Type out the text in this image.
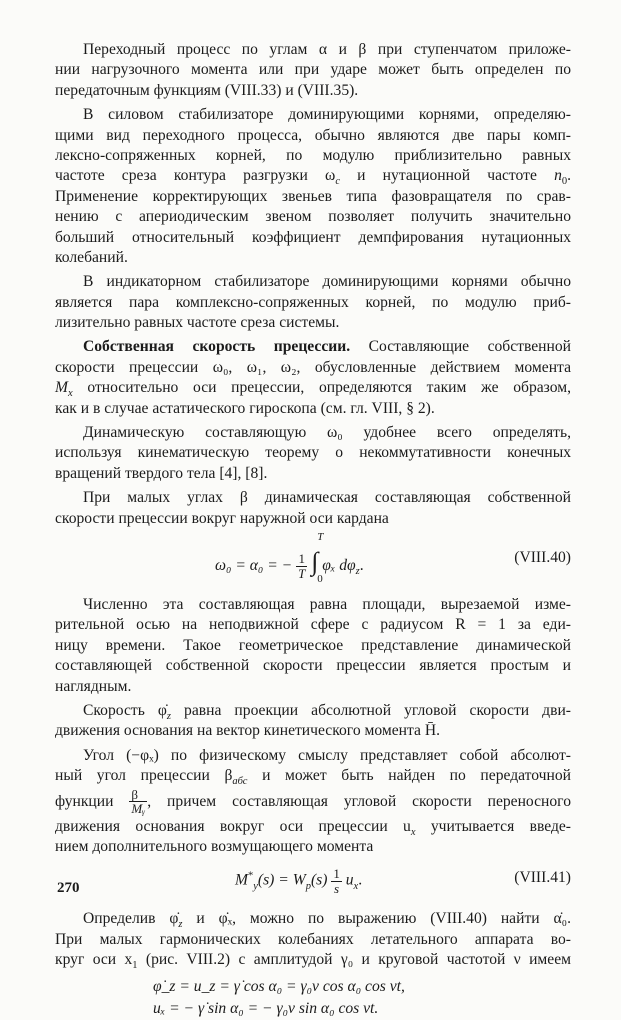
Переходный процесс по углам α и β при ступенчатом приложе-
нии нагрузочного момента или при ударе может быть определен по
передаточным функциям (VIII.33) и (VIII.35).
В силовом стабилизаторе доминирующими корнями, определяю-
щими вид переходного процесса, обычно являются две пары комп-
лексно-сопряженных корней, по модулю приблизительно равных
частоте среза контура разгрузки $\omega_c$ и нутационной частоте $n_0$.
Применение корректирующих звеньев типа фазовращателя по срав-
нению с апериодическим звеном позволяет получить значительно
больший относительный коэффициент демпфирования нутационных
колебаний.
В индикаторном стабилизаторе доминирующими корнями обычно
является пара комплексно-сопряженных корней, по модулю приб-
лизительно равных частоте среза системы.
Собственная скорость прецессии. Составляющие собственной
скорости прецессии ω₀, ω₁, ω₂, обусловленные действием момента
$M_x$ относительно оси прецессии, определяются таким же образом,
как и в случае астатического гироскопа (см. гл. VIII, § 2).
Динамическую составляющую ω₀ удобнее всего определять,
используя кинематическую теорему о некоммутативности конечных
вращений твердого тела [4], [8].
При малых углах β динамическая составляющая собственной
скорости прецессии вокруг наружной оси кардана
ω₀ = α₀ = − $\frac{1}{T}$ ∫
T
0
φₓ $d\varphi_z$.	(VIII.40)
Численно эта составляющая равна площади, вырезаемой изме-
рительной осью на неподвижной сфере с радиусом R = 1 за еди-
ницу времени. Такое геометрическое представление динамической
составляющей собственной скорости прецессии является простым и
наглядным.
Скорость $\varphi̇_z$ равна проекции абсолютной угловой скорости дви-
движения основания на вектор кинетического момента H̄.
Угол (−φₓ) по физическому смыслу представляет собой абсолют-
ный угол прецессии $\beta_{абс}$ и может быть найден по передаточной
функции $\frac{\beta}{\text{Mᵧ}}$ , причем составляющая угловой скорости переносного
движения основания вокруг оси прецессии $u_x$ учитывается введе-
нием дополнительного возмущающего момента
$M^*_y(s) = W_p(s) \frac{1}{s} u_x$.	(VIII.41)
Определив $\varphi̇_z$ и φ̇ₓ, можно по выражению (VIII.40) найти α̇₀.
При малых гармонических колебаниях летательного аппарата во-
круг оси $x_1$ (рис. VIII.2) с амплитудой γ₀ и круговой частотой ν имеем
φ̇_z = u_z = γ̇ cos α₀ = γ₀ν cos α₀ cos νt,
uₓ = − γ̇ sin α₀ = − γ₀ν sin α₀ cos νt.
270
